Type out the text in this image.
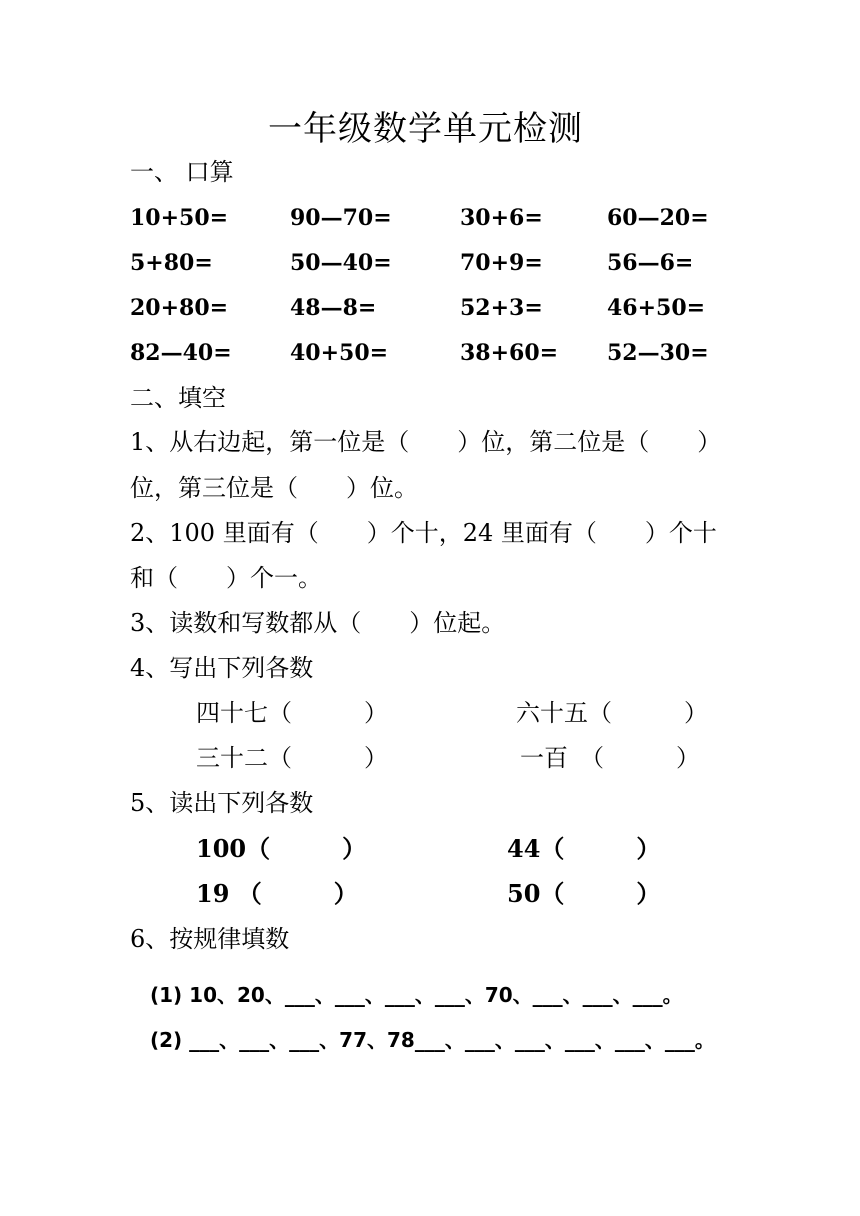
一年级数学单元检测
一、 口算
10+50=	90—70=	30+6=	60—20=
5+80=	50—40=	70+9=	56—6=
20+80=	48—8=	52+3=	46+50=
82—40=	40+50=	38+60= 52—30=
二、填空
1、从右边起，第一位是（　　）位，第二位是（　　）
位，第三位是（　　）位。
2、100 里面有（　　）个十，24 里面有（　　）个十
和（　　）个一。
3、读数和写数都从（　　）位起。
4、写出下列各数
四十七（　　　）	六十五（　　　）
三十二（　　　）	一百　（　　　）
5、读出下列各数
100（　　　）	44（　　　）
19 （　　　）	50（　　　）
6、按规律填数
(1) 10、20、___、___、___、___、70、___、___、___。
(2) ___、___、___、77、78___、___、___、___、___、___。
